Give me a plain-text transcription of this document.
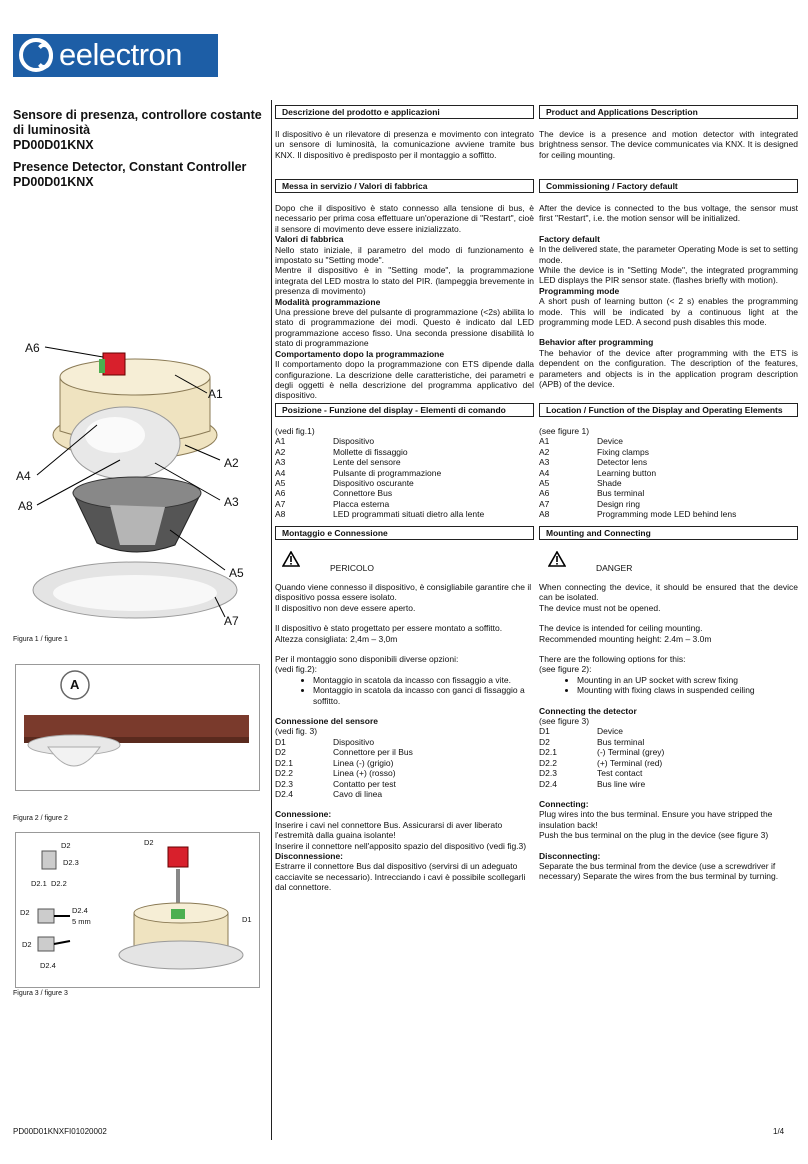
eelectron
Sensore di presenza, controllore costante di luminosità
PD00D01KNX
Presence Detector, Constant Controller
PD00D01KNX
A6
A1
A2
A4
A8	A3
A5
A7
Figura 1 / figure 1
A
Figura 2 / figure 2
D2
D2.3
D2.1 D2.2
D2	D2.4
5 mm
D2
D2.4
D2
D1
Figura 3 / figure 3
Descrizione del prodotto e applicazioni
Il dispositivo è un rilevatore di presenza e movimento con integrato un sensore di luminosità, la comunicazione avviene tramite bus KNX. Il dispositivo è predisposto per il montaggio a soffitto.
Messa in servizio / Valori di fabbrica
Dopo che il dispositivo è stato connesso alla tensione di bus, è necessario per prima cosa effettuare un'operazione di "Restart", cioè il sensore di movimento deve essere inizializzato.
Valori di fabbrica
Nello stato iniziale, il parametro del modo di funzionamento è impostato su "Setting mode".
Mentre il dispositivo è in "Setting mode", la programmazione integrata del LED mostra lo stato del PIR. (lampeggia brevemente in presenza di movimento)
Modalità programmazione
Una pressione breve del pulsante di programmazione (<2s) abilita lo stato di programmazione dei modi. Questo è indicato dal LED programmazione acceso fisso. Una seconda pressione disabilità lo stato di programmazione
Comportamento dopo la programmazione
Il comportamento dopo la programmazione con ETS dipende dalla configurazione. La descrizione delle caratteristiche, dei parametri e degli oggetti è nella descrizione del programma applicativo del dispositivo.
Posizione - Funzione del display - Elementi di comando
(vedi fig.1)
A1	Dispositivo
A2	Mollette di fissaggio
A3	Lente del sensore
A4	Pulsante di programmazione
A5	Dispositivo oscurante
A6	Connettore Bus
A7	Placca esterna
A8	LED programmati situati dietro alla lente
Montaggio e Connessione
PERICOLO
Quando viene connesso il dispositivo, è consigliabile garantire che il dispositivo possa essere isolato.
Il dispositivo non deve essere aperto.
Il dispositivo è stato progettato per essere montato a soffitto.
Altezza consigliata: 2,4m – 3,0m
Per il montaggio sono disponibili diverse opzioni:
(vedi fig.2):
• Montaggio in scatola da incasso con fissaggio a vite.
• Montaggio in scatola da incasso con ganci di fissaggio a soffitto.
Connessione del sensore
(vedi fig. 3)
D1	Dispositivo
D2	Connettore per il Bus
D2.1	Linea (-) (grigio)
D2.2	Linea (+) (rosso)
D2.3	Contatto per test
D2.4	Cavo di linea
Connessione:
Inserire i cavi nel connettore Bus. Assicurarsi di aver liberato l'estremità dalla guaina isolante!
Inserire il connettore nell'apposito spazio del dispositivo (vedi fig.3)
Disconnessione:
Estrarre il connettore Bus dal dispositivo (servirsi di un adeguato cacciavite se necessario). Intrecciando i cavi è possibile scollegarli dal connettore.
Product and Applications Description
The device is a presence and motion detector with integrated brightness sensor. The device communicates via KNX. It is designed for ceiling mounting.
Commissioning / Factory default
After the device is connected to the bus voltage, the sensor must first "Restart", i.e. the motion sensor will be initialized.
Factory default
In the delivered state, the parameter Operating Mode is set to setting mode.
While the device is in "Setting Mode", the integrated programming LED displays the PIR sensor state. (flashes briefly with motion).
Programming mode
A short push of learning button (< 2 s) enables the programming mode. This will be indicated by a continuous light at the programming mode LED. A second push disables this mode.
Behavior after programming
The behavior of the device after programming with the ETS is dependent on the configuration. The description of the features, parameters and objects is in the application program description (APB) of the device.
Location / Function of the Display and Operating Elements
(see figure 1)
A1	Device
A2	Fixing clamps
A3	Detector lens
A4	Learning button
A5	Shade
A6	Bus terminal
A7	Design ring
A8	Programming mode LED behind lens
Mounting and Connecting
DANGER
When connecting the device, it should be ensured that the device can be isolated.
The device must not be opened.
The device is intended for ceiling mounting.
Recommended mounting height: 2.4m – 3.0m
There are the following options for this:
(see figure 2):
• Mounting in an UP socket with screw fixing
• Mounting with fixing claws in suspended ceiling
Connecting the detector
(see figure 3)
D1	Device
D2	Bus terminal
D2.1	(-) Terminal (grey)
D2.2	(+) Terminal (red)
D2.3	Test contact
D2.4	Bus line wire
Connecting:
Plug wires into the bus terminal. Ensure you have stripped the insulation back!
Push the bus terminal on the plug in the device (see figure 3)
Disconnecting:
Separate the bus terminal from the device (use a screwdriver if necessary) Separate the wires from the bus terminal by turning.
PD00D01KNXFI01020002	1/4
